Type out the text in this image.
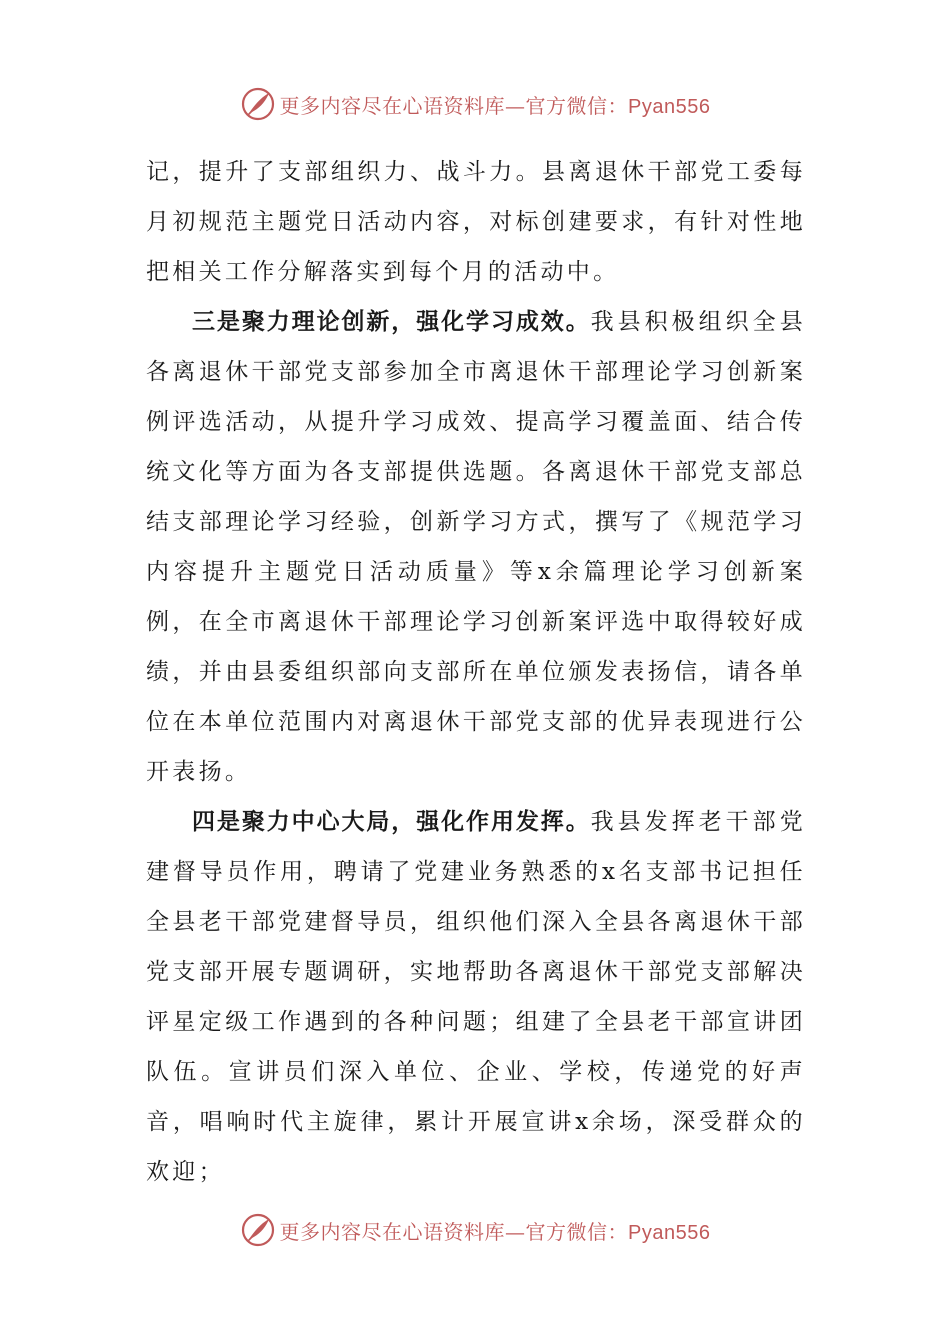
更多内容尽在心语资料库—官方微信：Pyan556

记，提升了支部组织力、战斗力。县离退休干部党工委每月初规范主题党日活动内容，对标创建要求，有针对性地把相关工作分解落实到每个月的活动中。

三是聚力理论创新，强化学习成效。我县积极组织全县各离退休干部党支部参加全市离退休干部理论学习创新案例评选活动，从提升学习成效、提高学习覆盖面、结合传统文化等方面为各支部提供选题。各离退休干部党支部总结支部理论学习经验，创新学习方式，撰写了《规范学习内容提升主题党日活动质量》等x余篇理论学习创新案例，在全市离退休干部理论学习创新案评选中取得较好成绩，并由县委组织部向支部所在单位颁发表扬信，请各单位在本单位范围内对离退休干部党支部的优异表现进行公开表扬。

四是聚力中心大局，强化作用发挥。我县发挥老干部党建督导员作用，聘请了党建业务熟悉的x名支部书记担任全县老干部党建督导员，组织他们深入全县各离退休干部党支部开展专题调研，实地帮助各离退休干部党支部解决评星定级工作遇到的各种问题；组建了全县老干部宣讲团队伍。宣讲员们深入单位、企业、学校，传递党的好声音，唱响时代主旋律，累计开展宣讲x余场，深受群众的欢迎；

更多内容尽在心语资料库—官方微信：Pyan556
